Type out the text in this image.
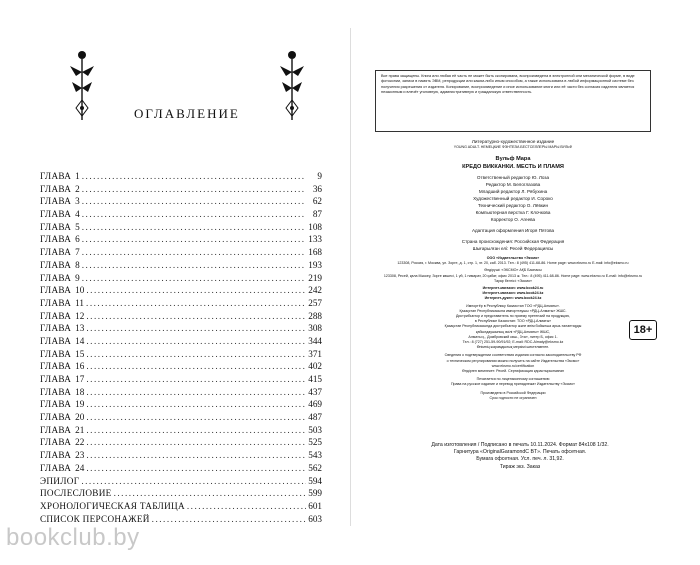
ОГЛАВЛЕНИЕ
ГЛАВА 1 . . .	9
ГЛАВА 2 . . .	36
ГЛАВА 3 . . .	62
ГЛАВА 4 . . .	87
ГЛАВА 5 . . .	108
ГЛАВА 6 . . .	133
ГЛАВА 7 . . .	168
ГЛАВА 8 . . .	193
ГЛАВА 9 . . .	219
ГЛАВА 10 . . .	242
ГЛАВА 11 . . .	257
ГЛАВА 12 . . .	288
ГЛАВА 13 . . .	308
ГЛАВА 14 . . .	344
ГЛАВА 15 . . .	371
ГЛАВА 16 . . .	402
ГЛАВА 17 . . .	415
ГЛАВА 18 . . .	437
ГЛАВА 19 . . .	469
ГЛАВА 20 . . .	487
ГЛАВА 21 . . .	503
ГЛАВА 22 . . .	525
ГЛАВА 23 . . .	543
ГЛАВА 24 . . .	562
ЭПИЛОГ . . .	594
ПОСЛЕСЛОВИЕ . . .	599
ХРОНОЛОГИЧЕСКАЯ ТАБЛИЦА . . .	601
СПИСОК ПЕРСОНАЖЕЙ . . .	603
Все права защищены. Книга или любая её часть не может быть скопирована, воспроизведена в электронной или механической форме, в виде фотокопии, записи в память ЭВМ, репродукции или каким-либо иным способом, а также использована в любой информационной системе без получения разрешения от издателя. Копирование, воспроизведение и иное использование книги или её части без согласия издателя является незаконным и влечёт уголовную, административную и гражданскую ответственность.
Литературно-художественное издание
YOUNG ADULT. НЕМЕЦКИЕ ФЭНТЕЗИ-БЕСТСЕЛЛЕРЫ МАРЫ ВУЛЬФ
Вульф Мара
КРЕДО ВИККАНКИ. МЕСТЬ И ПЛАМЯ
Ответственный редактор Ю. Лоза
Редактор М. Белоглазова
Младший редактор Л. Рябухина
Художественный редактор И. Сороко
Технический редактор О. Лёвкин
Компьютерная верстка Г. Клочкова
Корректор О. Агеева
Адаптация оформления Игоря Пятова
Страна происхождения: Российская Федерация
Шығарылған елі: Ресей Федерациясы
ООО «Издательство «Эксмо»
123308, Россия, г. Москва, ул. Зорге, д. 1, стр. 1, эт. 20, каб. 2013. Тел.: 8 (495) 411-68-86. Home page: www.eksmo.ru E-mail: info@eksmo.ru
Өндіруші: «ЭКСМО» АҚБ Баспасы
123308, Ресей, қала Мәскеу, Зорге көшесі, 1 үй, 1 ғимарат, 20 қабат, офис 2013 ж. Тел.: 8 (495) 411-68-86. Home page: www.eksmo.ru E-mail: info@eksmo.ru
Тауар белгісі: «Эксмо»
Интернет-магазин: www.book24.ru
Интернет-магазин: www.book24.kz
Интернет-дүкен: www.book24.kz
Импортёр в Республику Казахстан ТОО «РДЦ-Алматы».
Қазақстан Республикасына импорттаушы «РДЦ-Алматы» ЖШС.
Дистрибьютор и представитель по приему претензий на продукцию,
в Республике Казахстан: ТОО «РДЦ-Алматы»
Қазақстан Республикасында дистрибьютор және өнім бойынша арыз-талаптарды
қабылдаушының өкілі «РДЦ-Алматы» ЖШС,
Алматы қ., Домбровский көш., 3«а», литер Б, офис 1.
Тел.: 8 (727) 251-59-90/91/92; E-mail: RDC-Almaty@eksmo.kz
Өнімнің жарамдылық мерзімі шектелмеген.
Сведения о подтверждении соответствия издания согласно законодательству РФ
о техническом регулировании можно получить на сайте Издательства «Эксмо»
www.eksmo.ru/certification
Өндірген мемлекет: Ресей. Сертификация қарастырылмаған
Печатается по лицензионному соглашению
Права на русское издание и перевод принадлежат Издательству «Эксмо»
Произведено в Российской Федерации
Срок годности не ограничен
18+
Дата изготовления / Подписано в печать 10.11.2024. Формат 84x108 1/32.
Гарнитура «OriginalGaramondC BT». Печать офсетная.
Бумага офсетная. Усл. печ. л. 31,92.
Тираж экз. Заказ
bookclub.by
